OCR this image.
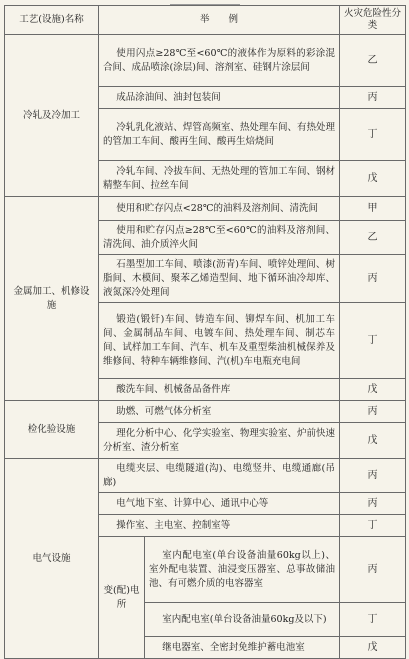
工艺(设施)名称	举　　例		火灾危险性分类
冷轧及冷加工	使用闪点≥28℃至<60℃的液体作为原料的彩涂混合间、成品喷涂(涂层)间、溶剂室、硅钢片涂层间		乙
	成品涂油间、油封包装间		丙
	冷轧乳化液站、焊管高频室、热处理车间、有热处理的管加工车间、酸再生间、酸再生焙烧间		丁
	冷轧车间、冷拔车间、无热处理的管加工车间、钢材精整车间、拉丝车间		戊
金属加工、机修设施	使用和贮存闪点<28℃的油料及溶剂间、清洗间		甲
	使用和贮存闪点≥28℃至<60℃的油料及溶剂间、清洗间、油介质淬火间		乙
	石墨型加工车间、喷漆(沥青)车间、喷锌处理间、树脂间、木模间、聚苯乙烯造型间、地下循环油冷却库、液氮深冷处理间		丙
	锻造(锻钎)车间、铸造车间、铆焊车间、机加工车间、金属制品车间、电镀车间、热处理车间、制芯车间、试样加工车间、汽车、机车及重型柴油机械保养及维修间、特种车辆维修间、汽(机)车电瓶充电间		丁
	酸洗车间、机械备品备件库		戊
检化验设施	助燃、可燃气体分析室		丙
	理化分析中心、化学实验室、物理实验室、炉前快速分析室、渣分析室		戊
电气设施	电缆夹层、电缆隧道(沟)、电缆竖井、电缆通廊(吊廊)		丙
	电气地下室、计算中心、通讯中心等		丙
	操作室、主电室、控制室等		丁
	变(配)电所	室内配电室(单台设备油量60kg以上)、室外配电装置、油浸变压器室、总事故储油池、有可燃介质的电容器室	丙
		室内配电室(单台设备油量60kg及以下)	丁
		继电器室、全密封免维护蓄电池室	戊
